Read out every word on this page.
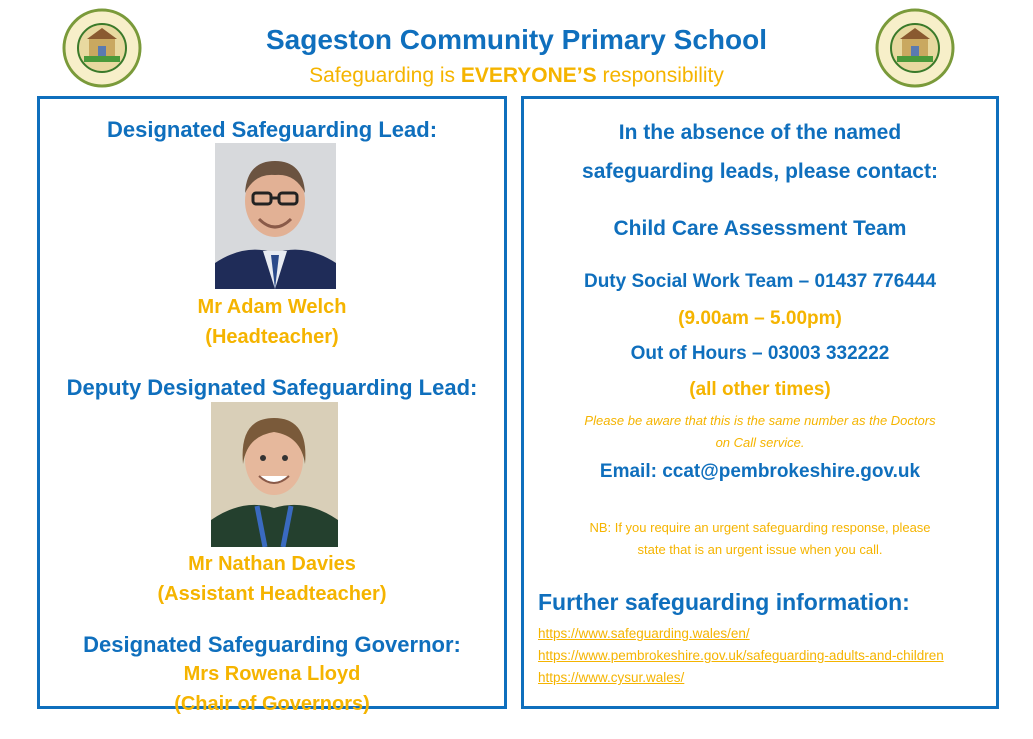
Sageston Community Primary School
Safeguarding is EVERYONE’S responsibility
Designated Safeguarding Lead:
Mr Adam Welch
(Headteacher)
Deputy Designated Safeguarding Lead:
Mr Nathan Davies
(Assistant Headteacher)
Designated Safeguarding Governor:
Mrs Rowena Lloyd
(Chair of Governors)
In the absence of the named
safeguarding leads, please contact:
Child Care Assessment Team
Duty Social Work Team – 01437 776444
(9.00am – 5.00pm)
Out of Hours – 03003 332222
(all other times)
Please be aware that this is the same number as the Doctors
on Call service.
Email: ccat@pembrokeshire.gov.uk
NB: If you require an urgent safeguarding response, please
state that is an urgent issue when you call.
Further safeguarding information:
https://www.safeguarding.wales/en/
https://www.pembrokeshire.gov.uk/safeguarding-adults-and-children
https://www.cysur.wales/
